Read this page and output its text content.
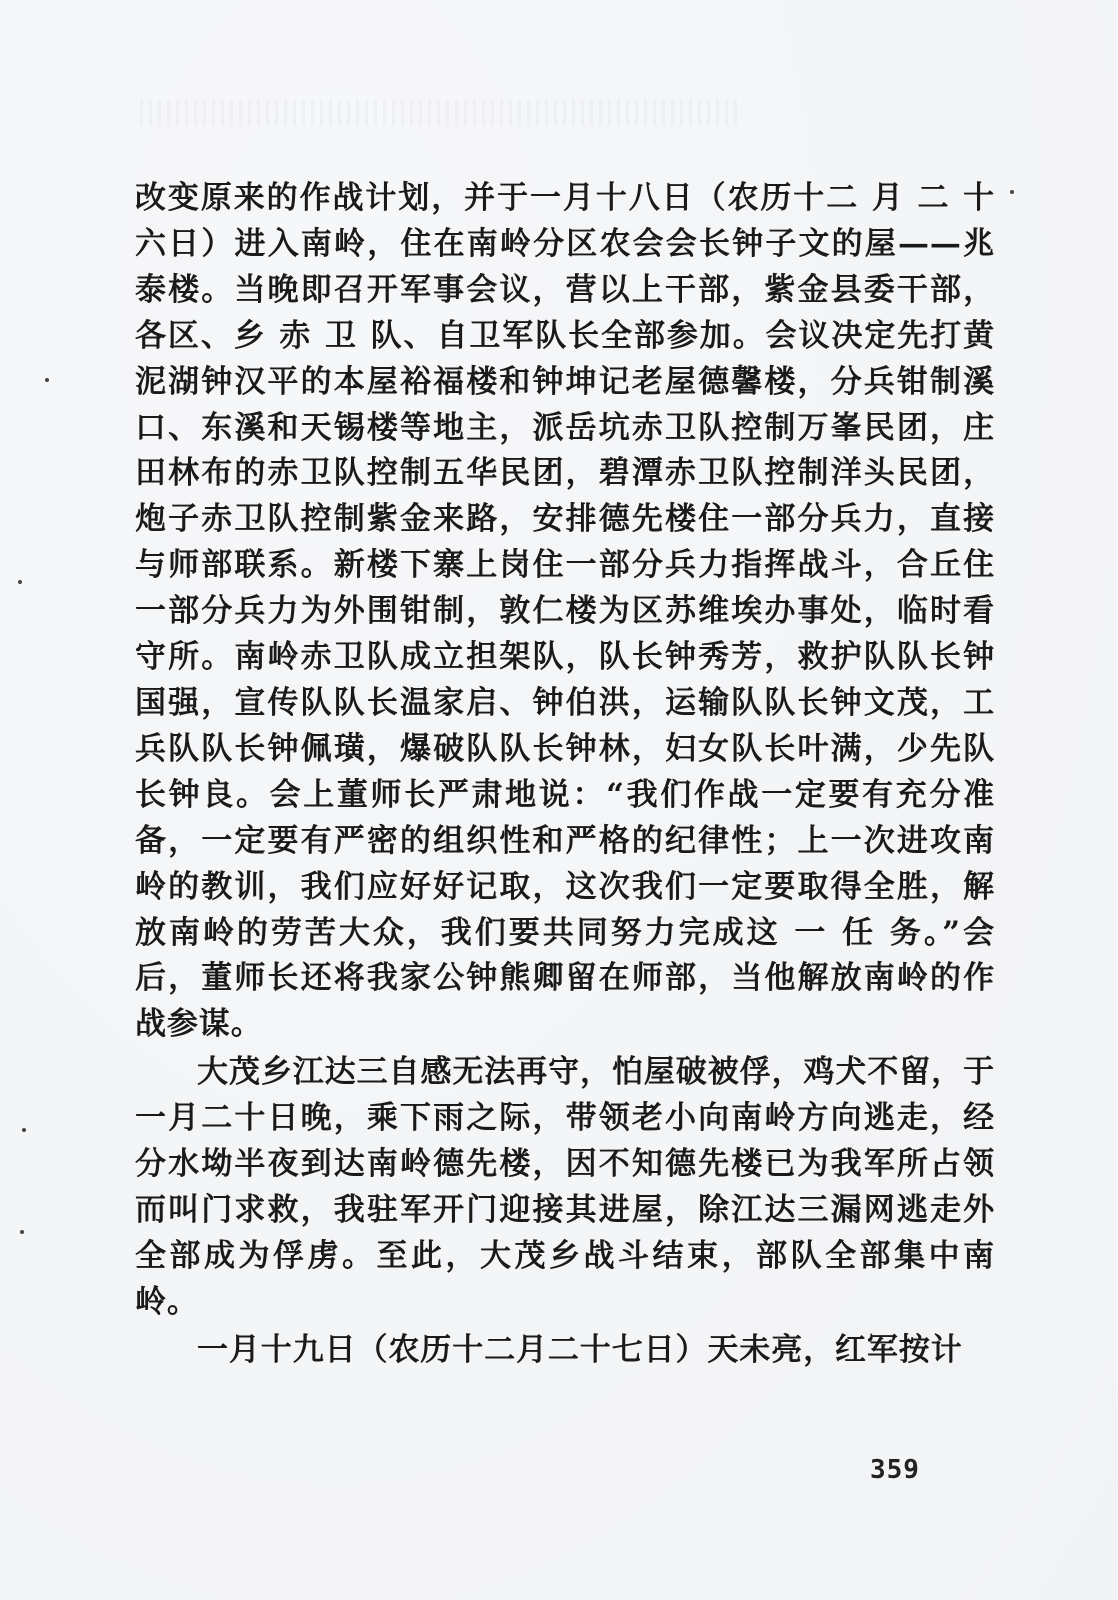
改变原来的作战计划，并于一月十八日（农历十二 月 二 十六日）进入南岭，住在南岭分区农会会长钟子文的屋——兆泰楼。当晚即召开军事会议，营以上干部，紫金县委干部，各区、乡 赤 卫 队、自卫军队长全部参加。会议决定先打黄泥湖钟汉平的本屋裕福楼和钟坤记老屋德馨楼，分兵钳制溪口、东溪和天锡楼等地主，派岳坑赤卫队控制万峯民团，庄田林布的赤卫队控制五华民团，碧潭赤卫队控制洋头民团，炮子赤卫队控制紫金来路，安排德先楼住一部分兵力，直接与师部联系。新楼下寨上岗住一部分兵力指挥战斗，合丘住一部分兵力为外围钳制，敦仁楼为区苏维埃办事处，临时看守所。南岭赤卫队成立担架队，队长钟秀芳，救护队队长钟国强，宣传队队长温家启、钟伯洪，运输队队长钟文茂，工兵队队长钟佩璜，爆破队队长钟林，妇女队长叶满，少先队长钟良。会上董师长严肃地说：“我们作战一定要有充分准备，一定要有严密的组织性和严格的纪律性；上一次进攻南岭的教训，我们应好好记取，这次我们一定要取得全胜，解放南岭的劳苦大众，我们要共同努力完成这 一 任 务。”会后，董师长还将我家公钟熊卿留在师部，当他解放南岭的作战参谋。

大茂乡江达三自感无法再守，怕屋破被俘，鸡犬不留，于一月二十日晚，乘下雨之际，带领老小向南岭方向逃走，经分水坳半夜到达南岭德先楼，因不知德先楼已为我军所占领而叫门求救，我驻军开门迎接其进屋，除江达三漏网逃走外全部成为俘虏。至此，大茂乡战斗结束，部队全部集中南岭。

一月十九日（农历十二月二十七日）天未亮，红军按计

359
